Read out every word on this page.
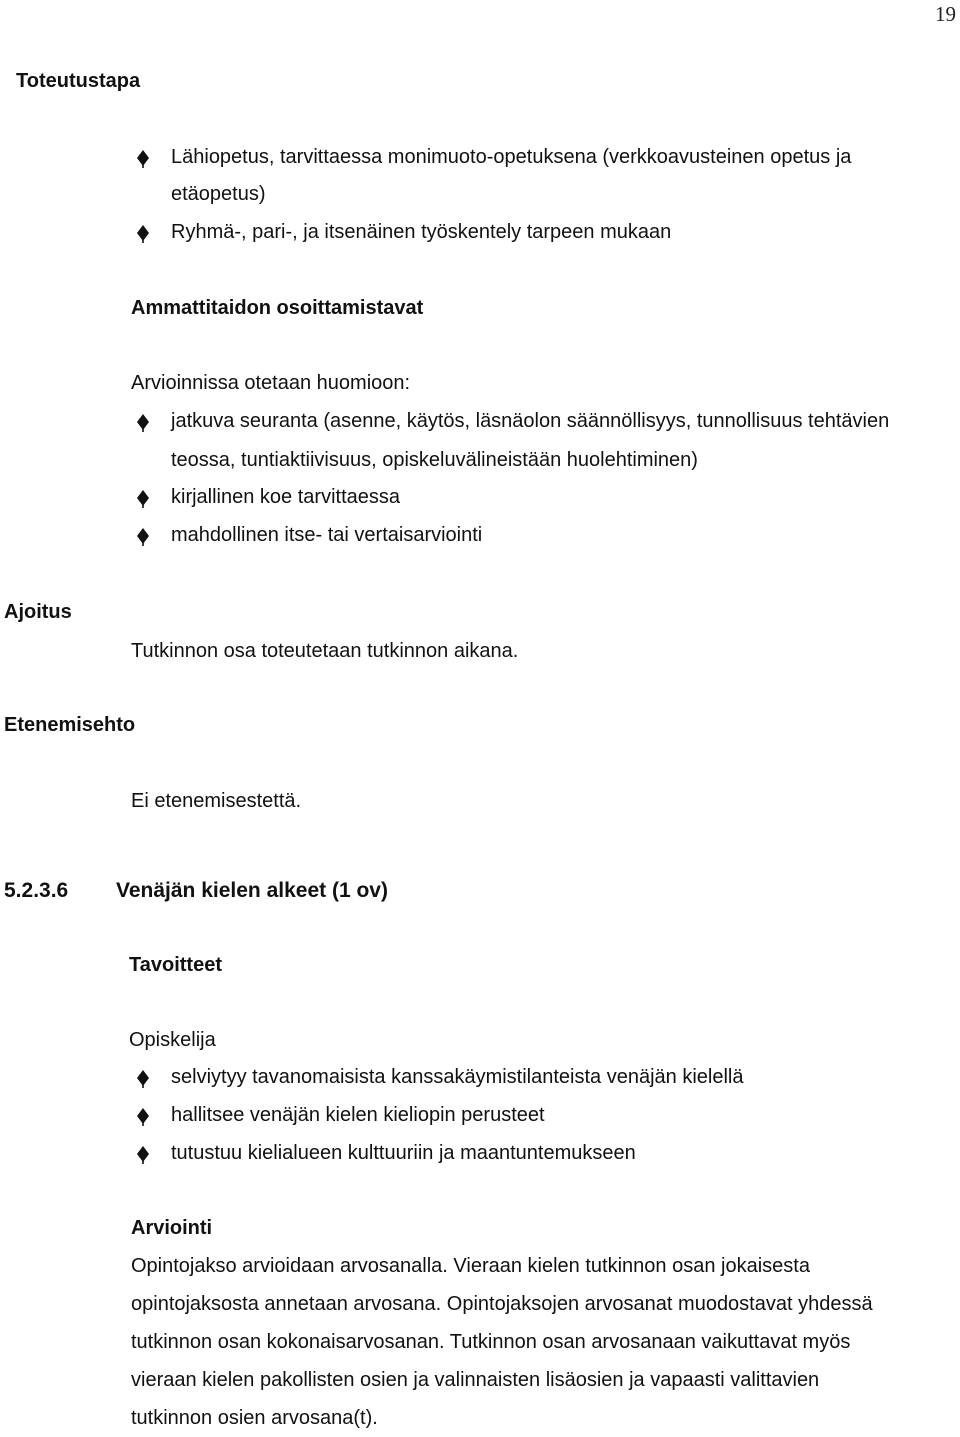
19
Toteutustapa
Lähiopetus, tarvittaessa monimuoto-opetuksena (verkkoavusteinen opetus ja
etäopetus)
Ryhmä-, pari-, ja itsenäinen työskentely tarpeen mukaan
Ammattitaidon osoittamistavat
Arvioinnissa otetaan huomioon:
jatkuva seuranta (asenne, käytös, läsnäolon säännöllisyys, tunnollisuus tehtävien
teossa, tuntiaktiivisuus, opiskeluvälineistään huolehtiminen)
kirjallinen koe tarvittaessa
mahdollinen itse- tai vertaisarviointi
Ajoitus
Tutkinnon osa toteutetaan tutkinnon aikana.
Etenemisehto
Ei etenemisestettä.
5.2.3.6 Venäjän kielen alkeet (1 ov)
Tavoitteet
Opiskelija
selviytyy tavanomaisista kanssakäymistilanteista venäjän kielellä
hallitsee venäjän kielen kieliopin perusteet
tutustuu kielialueen kulttuuriin ja maantuntemukseen
Arviointi
Opintojakso arvioidaan arvosanalla. Vieraan kielen tutkinnon osan jokaisesta
opintojaksosta annetaan arvosana. Opintojaksojen arvosanat muodostavat yhdessä
tutkinnon osan kokonaisarvosanan. Tutkinnon osan arvosanaan vaikuttavat myös
vieraan kielen pakollisten osien ja valinnaisten lisäosien ja vapaasti valittavien
tutkinnon osien arvosana(t).
